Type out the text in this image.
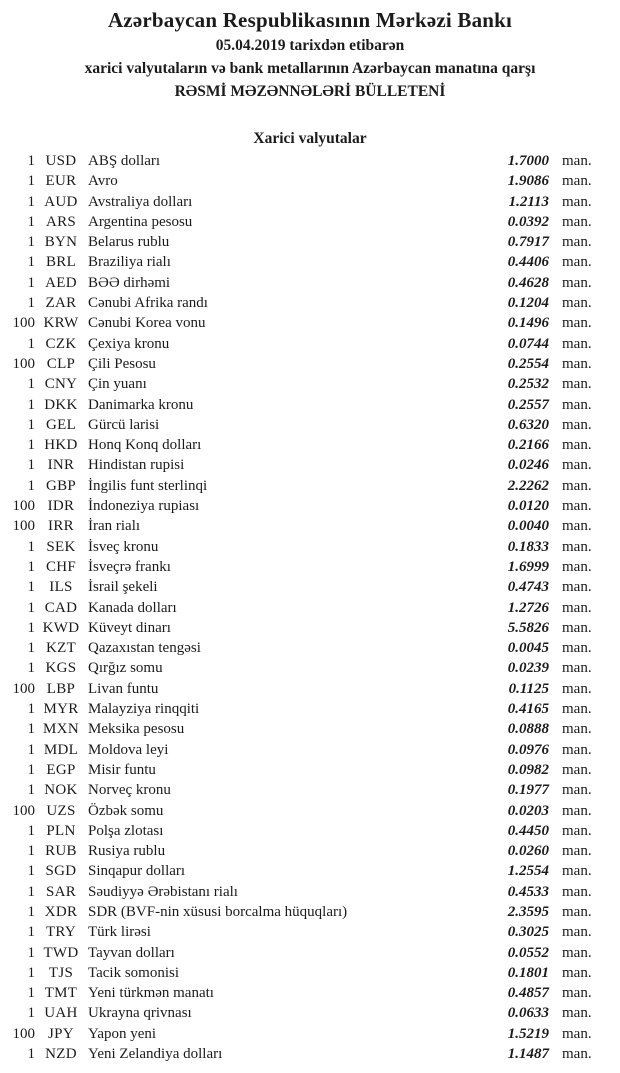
Azərbaycan Respublikasının Mərkəzi Bankı
05.04.2019 tarixdən etibarən
xarici valyutaların və bank metallarının Azərbaycan manatına qarşı
RƏSMİ MƏZƏNNƏLƏRİ BÜLLETENİ
Xarici valyutalar
1 USD ABŞ dolları	1.7000 man.
1 EUR Avro	1.9086 man.
1 AUD Avstraliya dolları	1.2113 man.
1 ARS Argentina pesosu	0.0392 man.
1 BYN Belarus rublu	0.7917 man.
1 BRL Braziliya rialı	0.4406 man.
1 AED BƏƏ dirhəmi	0.4628 man.
1 ZAR Cənubi Afrika randı	0.1204 man.
100 KRW Cənubi Korea vonu	0.1496 man.
1 CZK Çexiya kronu	0.0744 man.
100 CLP Çili Pesosu	0.2554 man.
1 CNY Çin yuanı	0.2532 man.
1 DKK Danimarka kronu	0.2557 man.
1 GEL Gürcü larisi	0.6320 man.
1 HKD Honq Konq dolları	0.2166 man.
1 INR Hindistan rupisi	0.0246 man.
1 GBP İngilis funt sterlinqi	2.2262 man.
100 IDR İndoneziya rupiası	0.0120 man.
100 IRR İran rialı	0.0040 man.
1 SEK İsveç kronu	0.1833 man.
1 CHF İsveçrə frankı	1.6999 man.
1 ILS	İsrail şekeli	0.4743 man.
1 CAD Kanada dolları	1.2726 man.
1 KWD Küveyt dinarı	5.5826 man.
1 KZT Qazaxıstan tengəsi	0.0045 man.
1 KGS Qırğız somu	0.0239 man.
100 LBP Livan funtu	0.1125 man.
1 MYR Malayziya rinqqiti	0.4165 man.
1 MXN Meksika pesosu	0.0888 man.
1 MDL Moldova leyi	0.0976 man.
1 EGP Misir funtu	0.0982 man.
1 NOK Norveç kronu	0.1977 man.
100 UZS Özbək somu	0.0203 man.
1 PLN Polşa zlotası	0.4450 man.
1 RUB Rusiya rublu	0.0260 man.
1 SGD Sinqapur dolları	1.2554 man.
1 SAR Səudiyyə Ərəbistanı rialı	0.4533 man.
1 XDR SDR (BVF-nin xüsusi borcalma hüquqları)	2.3595 man.
1 TRY Türk lirəsi	0.3025 man.
1 TWD Tayvan dolları	0.0552 man.
1 TJS Tacik somonisi	0.1801 man.
1 TMT Yeni türkmən manatı	0.4857 man.
1 UAH Ukrayna qrivnası	0.0633 man.
100 JPY Yapon yeni	1.5219 man.
1 NZD Yeni Zelandiya dolları	1.1487 man.
